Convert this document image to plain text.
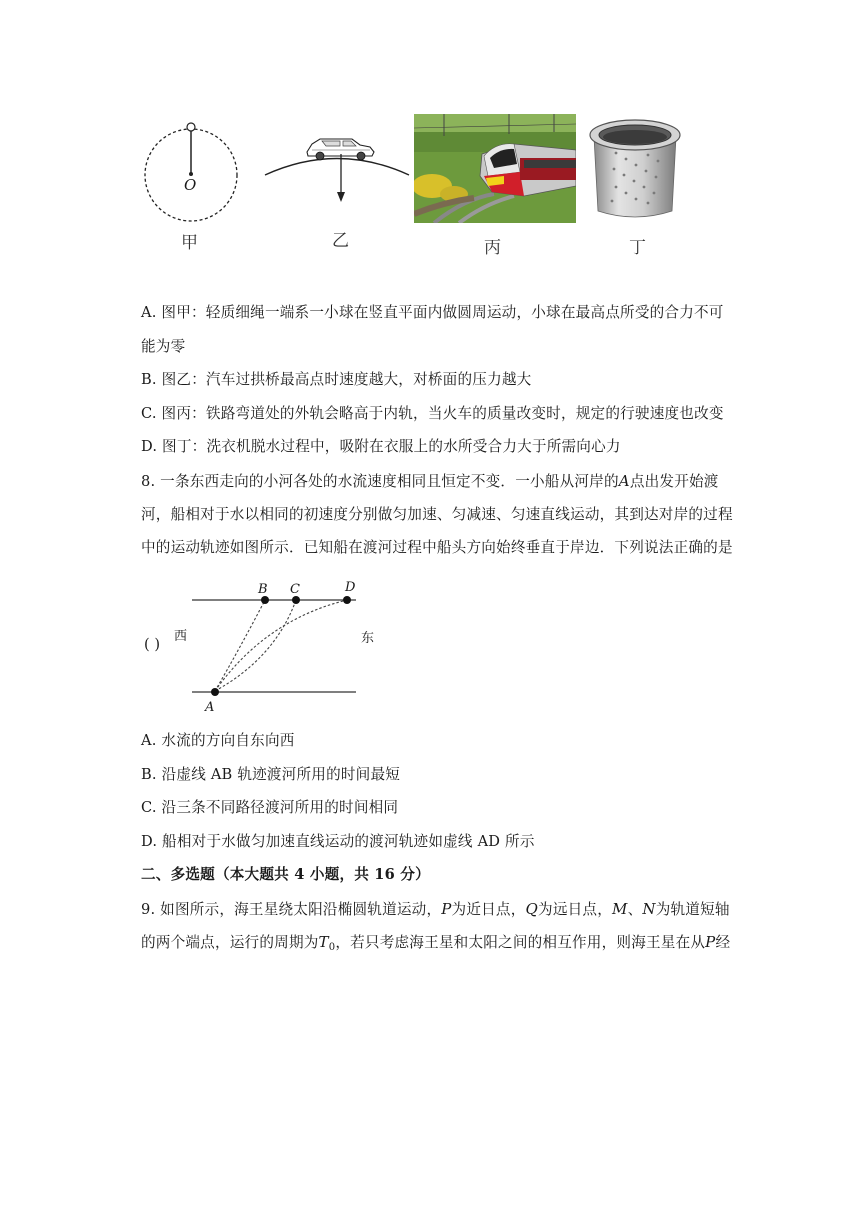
O
甲	乙	丙	丁
A. 图甲：轻质细绳一端系一小球在竖直平面内做圆周运动，小球在最高点所受的合力不可
能为零
B. 图乙：汽车过拱桥最高点时速度越大，对桥面的压力越大
C. 图丙：铁路弯道处的外轨会略高于内轨，当火车的质量改变时，规定的行驶速度也改变
D. 图丁：洗衣机脱水过程中，吸附在衣服上的水所受合力大于所需向心力
8. 一条东西走向的小河各处的水流速度相同且恒定不变．一小船从河岸的A点出发开始渡
河，船相对于水以相同的初速度分别做匀加速、匀减速、匀速直线运动，其到达对岸的过程
中的运动轨迹如图所示．已知船在渡河过程中船头方向始终垂直于岸边．下列说法正确的是
( )
B C	D
A
西	东
A. 水流的方向自东向西
B. 沿虚线 AB 轨迹渡河所用的时间最短
C. 沿三条不同路径渡河所用的时间相同
D. 船相对于水做匀加速直线运动的渡河轨迹如虚线 AD 所示
二、多选题（本大题共 4 小题，共 16 分）
9. 如图所示，海王星绕太阳沿椭圆轨道运动，P为近日点，Q为远日点，M、N为轨道短轴
的两个端点，运行的周期为$T_0$，若只考虑海王星和太阳之间的相互作用，则海王星在从P经
